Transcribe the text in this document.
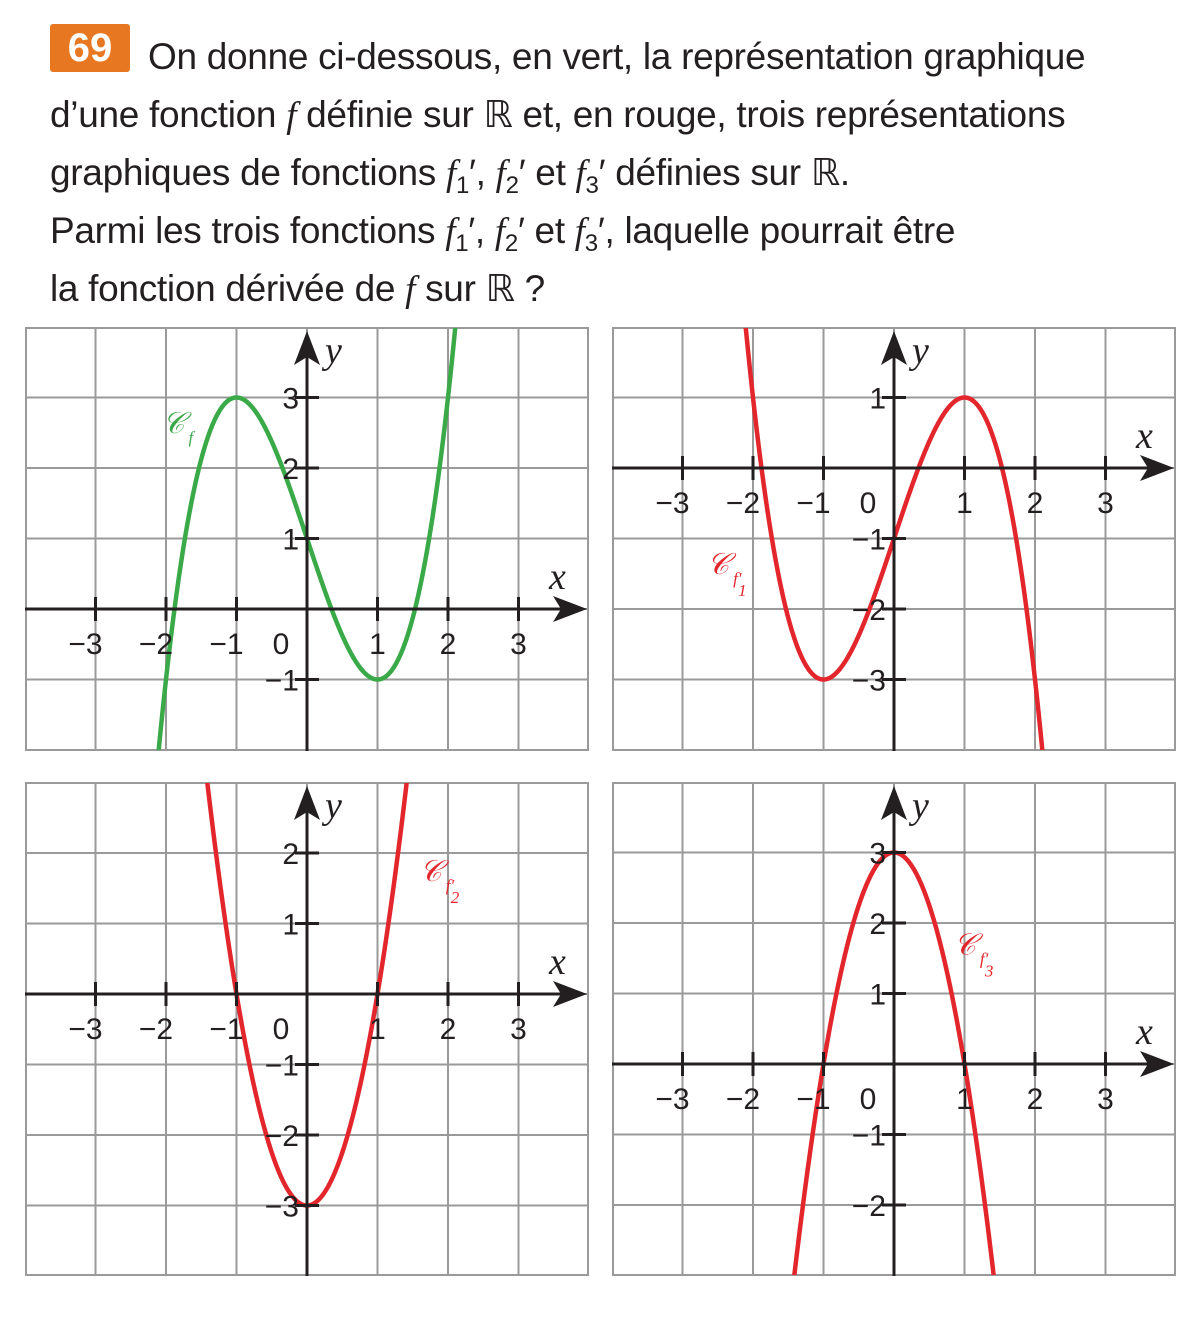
69 On donne ci-dessous, en vert, la représentation graphique
d’une fonction f définie sur ℝ et, en rouge, trois représentations
graphiques de fonctions $f_1'$, $f_2'$ et $f_3'$ définies sur ℝ.
Parmi les trois fonctions $f_1'$, $f_2'$ et $f_3'$, laquelle pourrait être
la fonction dérivée de f sur ℝ ?

x
y
−3 −2 −1	1 2 3
0
−1
1
2
3
𝒞 f	x
y
−3 −2 −1	1 2 3
0
−3
−2
−1
1
𝒞 f′
1
x
y
−3 −2 −1	1 2 3
0
−3
−2
−1
1
2	𝒞 f′
2
x
y
−3 −2 −1	1 2 3
0
−2
−1
1
2
3
𝒞 f′
3
